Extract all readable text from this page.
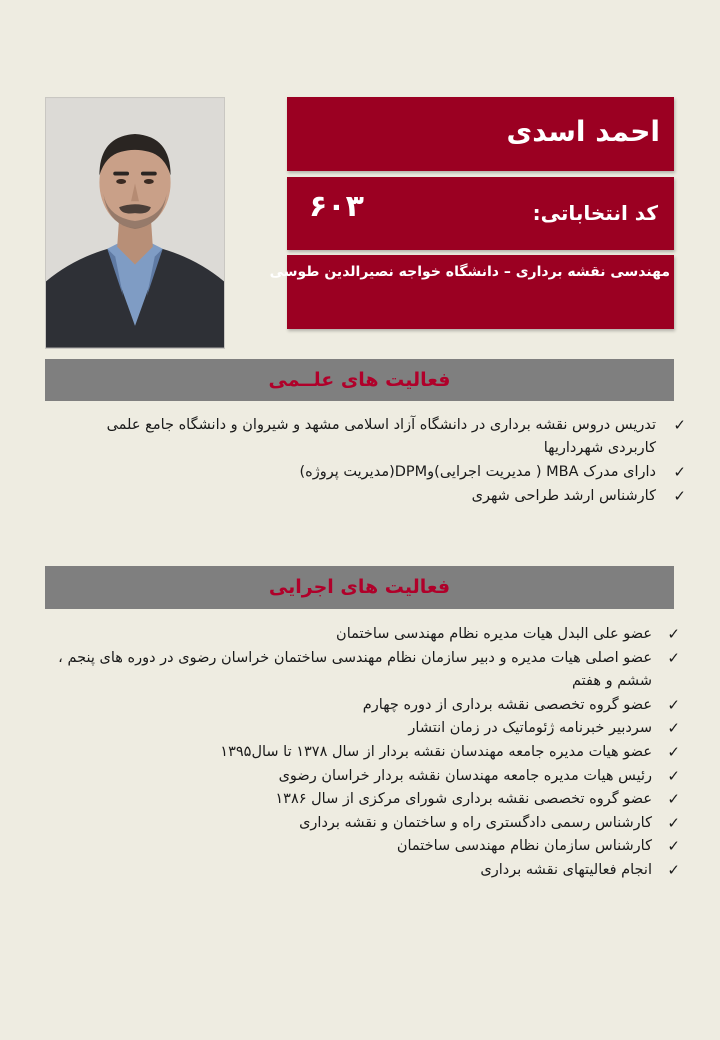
احمد اسدی
کد انتخاباتی:
۶۰۳
مهندسی نقشه برداری – دانشگاه خواجه نصیرالدین طوسی
فعالیت های علــمی
✓
تدریس دروس نقشه برداری در دانشگاه آزاد اسلامی مشهد و شیروان و دانشگاه جامع علمی کاربردی شهرداریها
✓
دارای مدرک MBA ( مدیریت اجرایی)وDPM(مدیریت پروژه)
✓
کارشناس ارشد طراحی شهری
فعالیت های اجرایی
✓
عضو علی البدل هیات مدیره نظام مهندسی ساختمان
✓
عضو اصلی هیات مدیره و دبیر سازمان نظام مهندسی ساختمان خراسان رضوی در دوره های پنجم ، ششم و هفتم
✓
عضو گروه تخصصی نقشه برداری از دوره چهارم
✓
سردبیر خبرنامه ژئوماتیک در زمان انتشار
✓
عضو هیات مدیره جامعه مهندسان نقشه بردار از سال ۱۳۷۸ تا سال۱۳۹۵
✓
رئیس هیات مدیره جامعه مهندسان نقشه بردار خراسان رضوی
✓
عضو گروه تخصصی نقشه برداری شورای مرکزی از سال ۱۳۸۶
✓
کارشناس رسمی دادگستری راه و ساختمان و نقشه برداری
✓
کارشناس سازمان نظام مهندسی ساختمان
✓
انجام فعالیتهای نقشه برداری
